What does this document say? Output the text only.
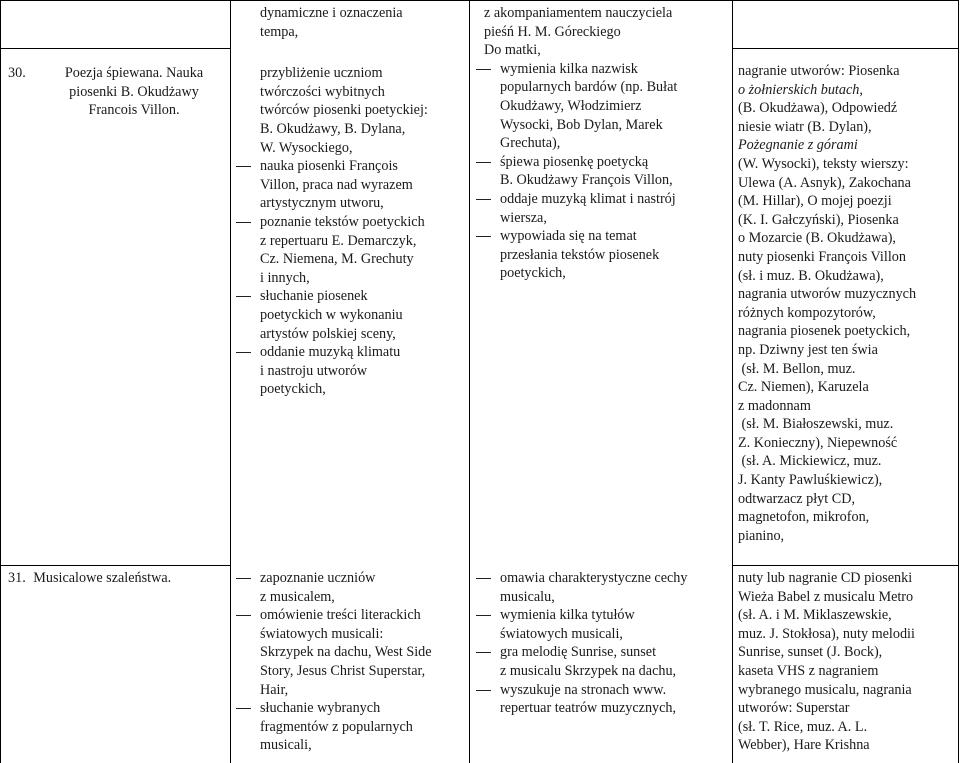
30.	Poezja śpiewana. Nauka
piosenki B. Okudżawy
Francois Villon.
dynamiczne i oznaczenia
tempa,
przybliżenie uczniom
twórczości wybitnych
twórców piosenki poetyckiej:
B. Okudżawy, B. Dylana,
W. Wysockiego,
nauka piosenki François
Villon, praca nad wyrazem
artystycznym utworu,
poznanie tekstów poetyckich
z repertuaru E. Demarczyk,
Cz. Niemena, M. Grechuty
i innych,
słuchanie piosenek
poetyckich w wykonaniu
artystów polskiej sceny,
oddanie muzyką klimatu
i nastroju utworów
poetyckich,
z akompaniamentem nauczyciela
pieśń H. M. Góreckiego
Do matki,
wymienia kilka nazwisk
popularnych bardów (np. Bułat
Okudżawy, Włodzimierz
Wysocki, Bob Dylan, Marek
Grechuta),
śpiewa piosenkę poetycką
B. Okudżawy François Villon,
oddaje muzyką klimat i nastrój
wiersza,
wypowiada się na temat
przesłania tekstów piosenek
poetyckich,
nagranie utworów: Piosenka
o żołnierskich butach,
(B. Okudżawa), Odpowiedź
niesie wiatr (B. Dylan),
Pożegnanie z górami
(W. Wysocki), teksty wierszy:
Ulewa (A. Asnyk), Zakochana
(M. Hillar), O mojej poezji
(K. I. Gałczyński), Piosenka
o Mozarcie (B. Okudżawa),
nuty piosenki François Villon
(sł. i muz. B. Okudżawa),
nagrania utworów muzycznych
różnych kompozytorów,
nagrania piosenek poetyckich,
np. Dziwny jest ten świa
(sł. M. Bellon, muz.
Cz. Niemen), Karuzela
z madonnam
(sł. M. Białoszewski, muz.
Z. Konieczny), Niepewność
(sł. A. Mickiewicz, muz.
J. Kanty Pawluśkiewicz),
odtwarzacz płyt CD,
magnetofon, mikrofon,
pianino,
31. Musicalowe szaleństwa.	zapoznanie uczniów
z musicalem,
omówienie treści literackich
światowych musicali:
Skrzypek na dachu, West Side
Story, Jesus Christ Superstar,
Hair,
słuchanie wybranych
fragmentów z popularnych
musicali,
omawia charakterystyczne cechy
musicalu,
wymienia kilka tytułów
światowych musicali,
gra melodię Sunrise, sunset
z musicalu Skrzypek na dachu,
wyszukuje na stronach www.
repertuar teatrów muzycznych,
nuty lub nagranie CD piosenki
Wieża Babel z musicalu Metro
(sł. A. i M. Miklaszewskie,
muz. J. Stokłosa), nuty melodii
Sunrise, sunset (J. Bock),
kaseta VHS z nagraniem
wybranego musicalu, nagrania
utworów: Superstar
(sł. T. Rice, muz. A. L.
Webber), Hare Krishna
